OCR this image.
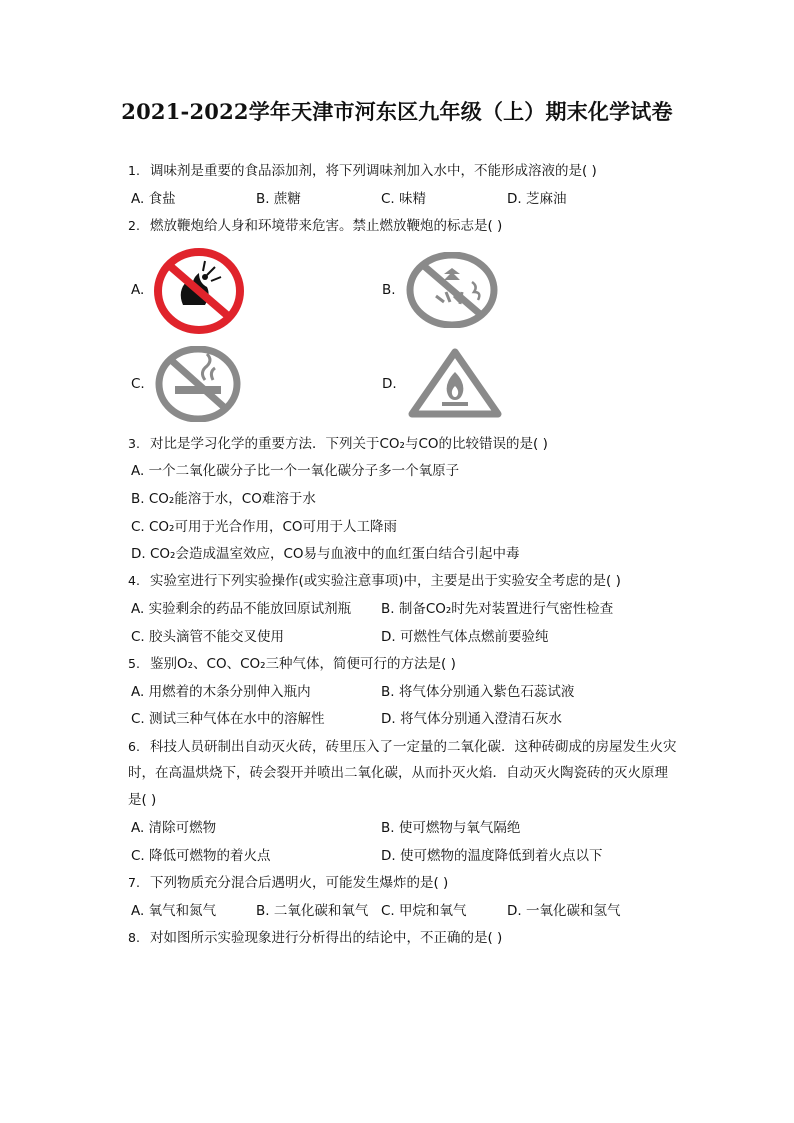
2021-2022学年天津市河东区九年级（上）期末化学试卷
1. 调味剂是重要的食品添加剂，将下列调味剂加入水中，不能形成溶液的是( )
A. 食盐	B. 蔗糖	C. 味精	D. 芝麻油
2. 燃放鞭炮给人身和环境带来危害。禁止燃放鞭炮的标志是( )
A.	B.
C.	D.
3. 对比是学习化学的重要方法．下列关于CO₂与CO的比较错误的是( )
A. 一个二氧化碳分子比一个一氧化碳分子多一个氧原子
B. CO₂能溶于水，CO难溶于水
C. CO₂可用于光合作用，CO可用于人工降雨
D. CO₂会造成温室效应，CO易与血液中的血红蛋白结合引起中毒
4. 实验室进行下列实验操作(或实验注意事项)中，主要是出于实验安全考虑的是( )
A. 实验剩余的药品不能放回原试剂瓶 B. 制备CO₂时先对装置进行气密性检查
C. 胶头滴管不能交叉使用	D. 可燃性气体点燃前要验纯
5. 鉴别O₂、CO、CO₂三种气体，简便可行的方法是( )
A. 用燃着的木条分别伸入瓶内	B. 将气体分别通入紫色石蕊试液
C. 测试三种气体在水中的溶解性	D. 将气体分别通入澄清石灰水
6. 科技人员研制出自动灭火砖，砖里压入了一定量的二氧化碳．这种砖砌成的房屋发生火灾
时，在高温烘烧下，砖会裂开并喷出二氧化碳，从而扑灭火焰．自动灭火陶瓷砖的灭火原理
是( )
A. 清除可燃物	B. 使可燃物与氧气隔绝
C. 降低可燃物的着火点	D. 使可燃物的温度降低到着火点以下
7. 下列物质充分混合后遇明火，可能发生爆炸的是( )
A. 氧气和氮气	B. 二氧化碳和氧气 C. 甲烷和氧气	D. 一氧化碳和氢气
8. 对如图所示实验现象进行分析得出的结论中，不正确的是( )
